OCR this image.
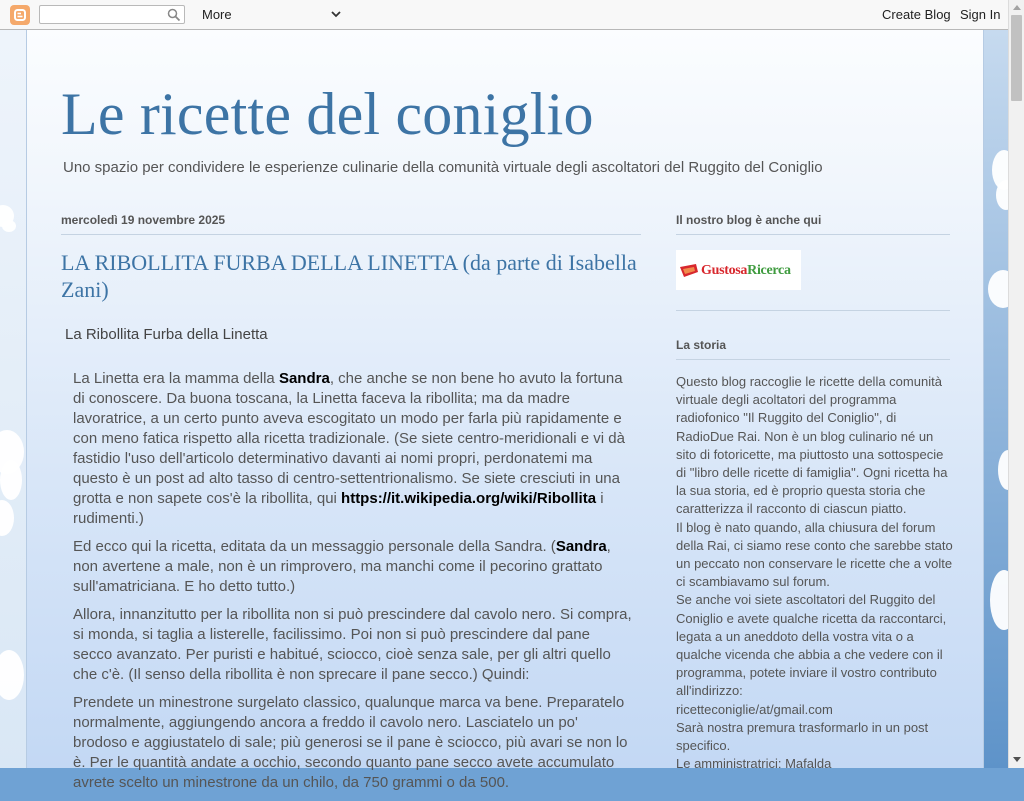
More	Create Blog Sign In
Le ricette del coniglio
Uno spazio per condividere le esperienze culinarie della comunità virtuale degli ascoltatori del Ruggito del Coniglio
mercoledì 19 novembre 2025
LA RIBOLLITA FURBA DELLA LINETTA (da parte di Isabella Zani)
La Ribollita Furba della Linetta

La Linetta era la mamma della Sandra, che anche se non bene ho avuto la fortuna di conoscere. Da buona toscana, la Linetta faceva la ribollita; ma da madre lavoratrice, a un certo punto aveva escogitato un modo per farla più rapidamente e con meno fatica rispetto alla ricetta tradizionale. (Se siete centro-meridionali e vi dà fastidio l'uso dell'articolo determinativo davanti ai nomi propri, perdonatemi ma questo è un post ad alto tasso di centro-settentrionalismo. Se siete cresciuti in una grotta e non sapete cos'è la ribollita, qui https://it.wikipedia.org/wiki/Ribollita i rudimenti.)

Ed ecco qui la ricetta, editata da un messaggio personale della Sandra. (Sandra, non avertene a male, non è un rimprovero, ma manchi come il pecorino grattato sull'amatriciana. E ho detto tutto.)

Allora, innanzitutto per la ribollita non si può prescindere dal cavolo nero. Si compra, si monda, si taglia a listerelle, facilissimo. Poi non si può prescindere dal pane secco avanzato. Per puristi e habitué, sciocco, cioè senza sale, per gli altri quello che c'è. (Il senso della ribollita è non sprecare il pane secco.) Quindi:

Prendete un minestrone surgelato classico, qualunque marca va bene. Preparatelo normalmente, aggiungendo ancora a freddo il cavolo nero. Lasciatelo un po' brodoso e aggiustatelo di sale; più generosi se il pane è sciocco, più avari se non lo è. Per le quantità andate a occhio, secondo quanto pane secco avete accumulato avrete scelto un minestrone da un chilo, da 750 grammi o da 500.

Il nostro blog è anche qui
GustosaRicerca
La storia
Questo blog raccoglie le ricette della comunità virtuale degli acoltatori del programma radiofonico "Il Ruggito del Coniglio", di RadioDue Rai. Non è un blog culinario né un sito di fotoricette, ma piuttosto una sottospecie di "libro delle ricette di famiglia". Ogni ricetta ha la sua storia, ed è proprio questa storia che caratterizza il racconto di ciascun piatto.
Il blog è nato quando, alla chiusura del forum della Rai, ci siamo rese conto che sarebbe stato un peccato non conservare le ricette che a volte ci scambiavamo sul forum.
Se anche voi siete ascoltatori del Ruggito del Coniglio e avete qualche ricetta da raccontarci, legata a un aneddoto della vostra vita o a qualche vicenda che abbia a che vedere con il programma, potete inviare il vostro contributo all'indirizzo:
ricetteconiglie/at/gmail.com
Sarà nostra premura trasformarlo in un post specifico.
Le amministratrici: Mafalda
